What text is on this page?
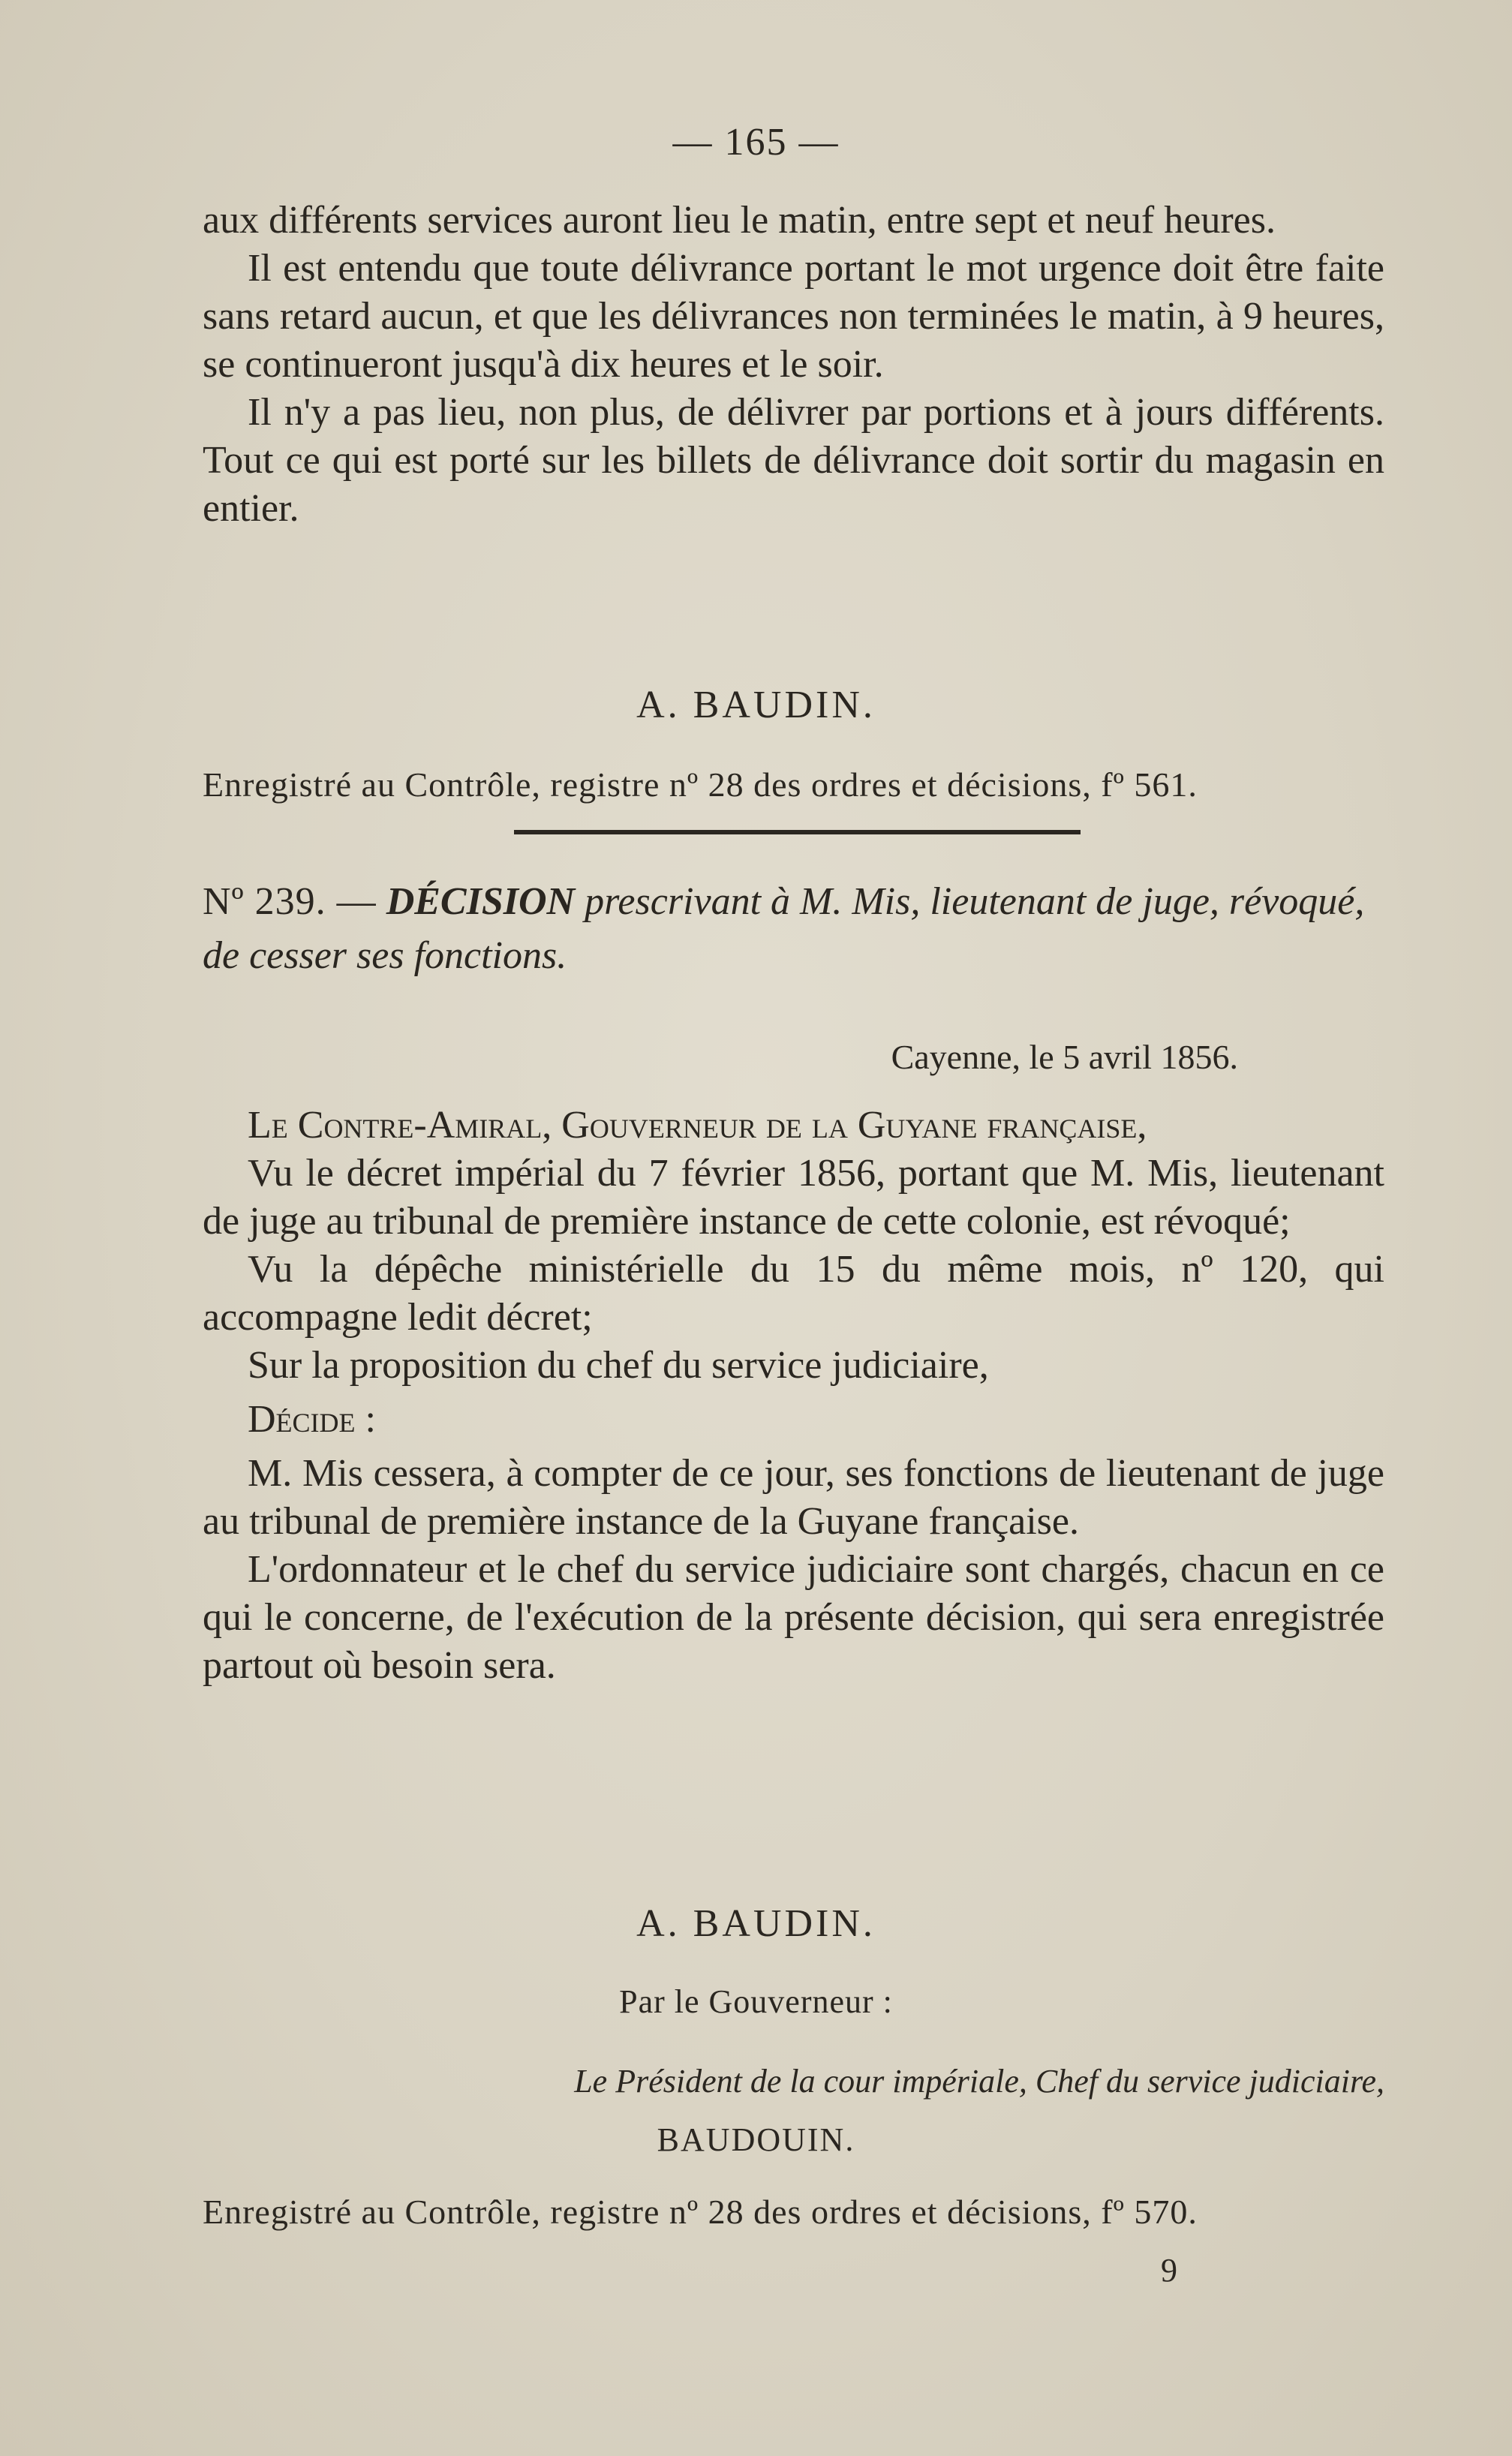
— 165 —

aux différents services auront lieu le matin, entre sept et neuf heures.

Il est entendu que toute délivrance portant le mot urgence doit être faite sans retard aucun, et que les délivrances non terminées le matin, à 9 heures, se continueront jusqu'à dix heures et le soir.

Il n'y a pas lieu, non plus, de délivrer par portions et à jours différents. Tout ce qui est porté sur les billets de délivrance doit sortir du magasin en entier.

A. BAUDIN.
Enregistré au Contrôle, registre nº 28 des ordres et décisions, fº 561.
Nº 239. — DÉCISION prescrivant à M. Mis, lieutenant de juge, révoqué, de cesser ses fonctions.
Cayenne, le 5 avril 1856.

Le Contre-Amiral, Gouverneur de la Guyane française,

Vu le décret impérial du 7 février 1856, portant que M. Mis, lieutenant de juge au tribunal de première instance de cette colonie, est révoqué;

Vu la dépêche ministérielle du 15 du même mois, nº 120, qui accompagne ledit décret;

Sur la proposition du chef du service judiciaire,

Décide :

M. Mis cessera, à compter de ce jour, ses fonctions de lieutenant de juge au tribunal de première instance de la Guyane française.

L'ordonnateur et le chef du service judiciaire sont chargés, chacun en ce qui le concerne, de l'exécution de la présente décision, qui sera enregistrée partout où besoin sera.

A. BAUDIN.
Par le Gouverneur :
Le Président de la cour impériale, Chef du service judiciaire,
BAUDOUIN.
Enregistré au Contrôle, registre nº 28 des ordres et décisions, fº 570.
9
